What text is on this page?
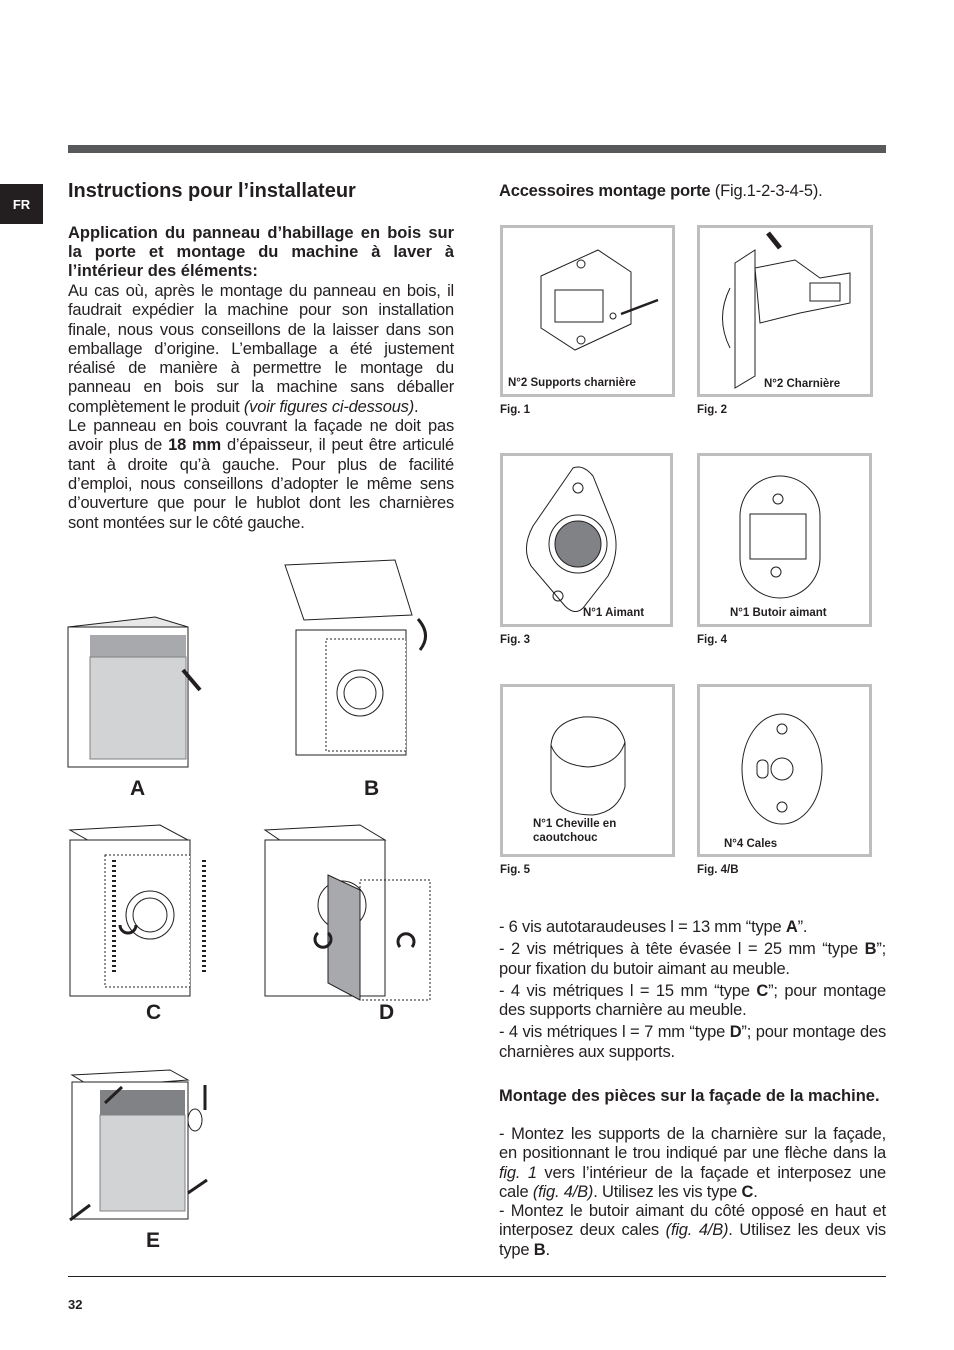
FR
Instructions pour l’installateur
Application du panneau d’habillage en bois sur la porte et montage du machine à laver à l’intérieur des éléments:
Au cas où, après le montage du panneau en bois, il faudrait expédier la machine pour son installation finale, nous vous conseillons de la laisser dans son emballage d’origine. L’emballage a été justement réalisé de manière à permettre le montage du panneau en bois sur la machine sans déballer complètement le produit (voir figures ci-dessous).
Le panneau en bois couvrant la façade ne doit pas avoir plus de 18 mm d’épaisseur, il peut être articulé tant à droite qu’à gauche. Pour plus de facilité d’emploi, nous conseillons d’adopter le même sens d’ouverture que pour le hublot dont les charnières sont montées sur le côté gauche.
A	B
C	D
E
Accessoires montage porte (Fig.1-2-3-4-5).
N°2 Supports charnière
Fig. 1
N°2 Charnière
Fig. 2
N°1 Aimant
Fig. 3
N°1 Butoir aimant
Fig. 4
N°1 Cheville en
caoutchouc
Fig. 5
N°4 Cales
Fig. 4/B

- 6 vis autotaraudeuses l = 13 mm “type A”.

- 2 vis métriques à tête évasée l = 25 mm “type B”; pour fixation du butoir aimant au meuble.

- 4 vis métriques l = 15 mm “type C”; pour montage des supports charnière au meuble.

- 4 vis métriques l = 7 mm “type D”; pour montage des charnières aux supports.

Montage des pièces sur la façade de la machine.

- Montez les supports de la charnière sur la façade, en positionnant le trou indiqué par une flèche dans la fig. 1 vers l’intérieur de la façade et interposez une cale (fig. 4/B). Utilisez les vis type C.

- Montez le butoir aimant du côté opposé en haut et interposez deux cales (fig. 4/B). Utilisez les deux vis type B.

32
